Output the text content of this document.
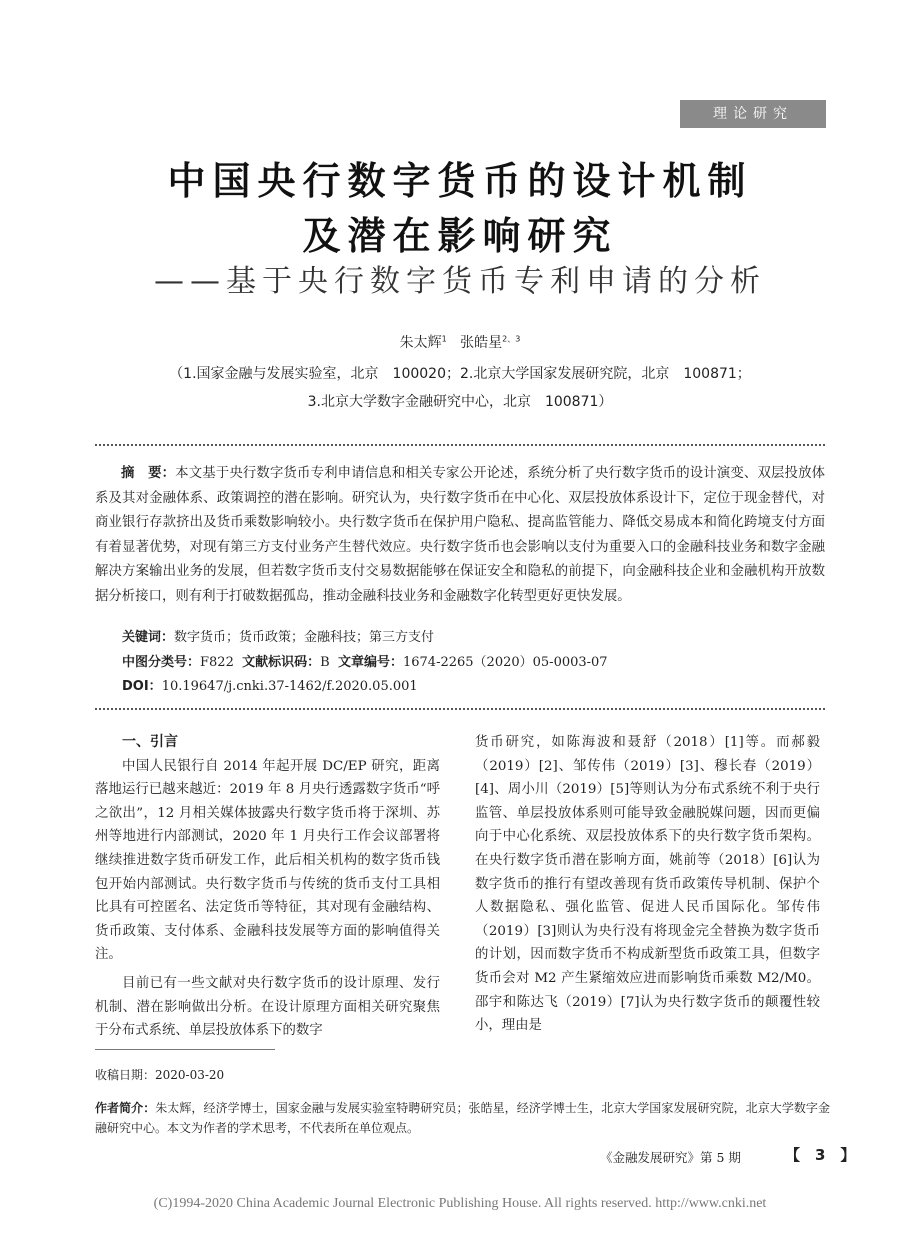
理论研究
中国央行数字货币的设计机制
及潜在影响研究
——基于央行数字货币专利申请的分析
朱太辉$^1$ 张皓星$^{2、3}$
（1.国家金融与发展实验室，北京　100020；2.北京大学国家发展研究院，北京　100871；
3.北京大学数字金融研究中心，北京　100871）
摘　要：本文基于央行数字货币专利申请信息和相关专家公开论述，系统分析了央行数字货币的设计演变、双层投放体系及其对金融体系、政策调控的潜在影响。研究认为，央行数字货币在中心化、双层投放体系设计下，定位于现金替代，对商业银行存款挤出及货币乘数影响较小。央行数字货币在保护用户隐私、提高监管能力、降低交易成本和简化跨境支付方面有着显著优势，对现有第三方支付业务产生替代效应。央行数字货币也会影响以支付为重要入口的金融科技业务和数字金融解决方案输出业务的发展，但若数字货币支付交易数据能够在保证安全和隐私的前提下，向金融科技企业和金融机构开放数据分析接口，则有利于打破数据孤岛，推动金融科技业务和金融数字化转型更好更快发展。
关键词：数字货币；货币政策；金融科技；第三方支付
中图分类号：F822 文献标识码：B 文章编号：1674-2265（2020）05-0003-07
DOI：10.19647/j.cnki.37-1462/f.2020.05.001

一、引言

中国人民银行自 2014 年起开展 DC/EP 研究，距离落地运行已越来越近：2019 年 8 月央行透露数字货币“呼之欲出”，12 月相关媒体披露央行数字货币将于深圳、苏州等地进行内部测试，2020 年 1 月央行工作会议部署将继续推进数字货币研发工作，此后相关机构的数字货币钱包开始内部测试。央行数字货币与传统的货币支付工具相比具有可控匿名、法定货币等特征，其对现有金融结构、货币政策、支付体系、金融科技发展等方面的影响值得关注。

目前已有一些文献对央行数字货币的设计原理、发行机制、潜在影响做出分析。在设计原理方面相关研究聚焦于分布式系统、单层投放体系下的数字

货币研究，如陈海波和聂舒（2018）[1]等。而郝毅（2019）[2]、邹传伟（2019）[3]、穆长春（2019）[4]、周小川（2019）[5]等则认为分布式系统不利于央行监管、单层投放体系则可能导致金融脱媒问题，因而更偏向于中心化系统、双层投放体系下的央行数字货币架构。在央行数字货币潜在影响方面，姚前等（2018）[6]认为数字货币的推行有望改善现有货币政策传导机制、保护个人数据隐私、强化监管、促进人民币国际化。邹传伟（2019）[3]则认为央行没有将现金完全替换为数字货币的计划，因而数字货币不构成新型货币政策工具，但数字货币会对 M2 产生紧缩效应进而影响货币乘数 M2/M0。邵宇和陈达飞（2019）[7]认为央行数字货币的颠覆性较小，理由是

收稿日期：2020-03-20
作者简介：朱太辉，经济学博士，国家金融与发展实验室特聘研究员；张皓星，经济学博士生，北京大学国家发展研究院，北京大学数字金融研究中心。本文为作者的学术思考，不代表所在单位观点。
《金融发展研究》第 5 期	【　3　】
(C)1994-2020 China Academic Journal Electronic Publishing House. All rights reserved. http://www.cnki.net
